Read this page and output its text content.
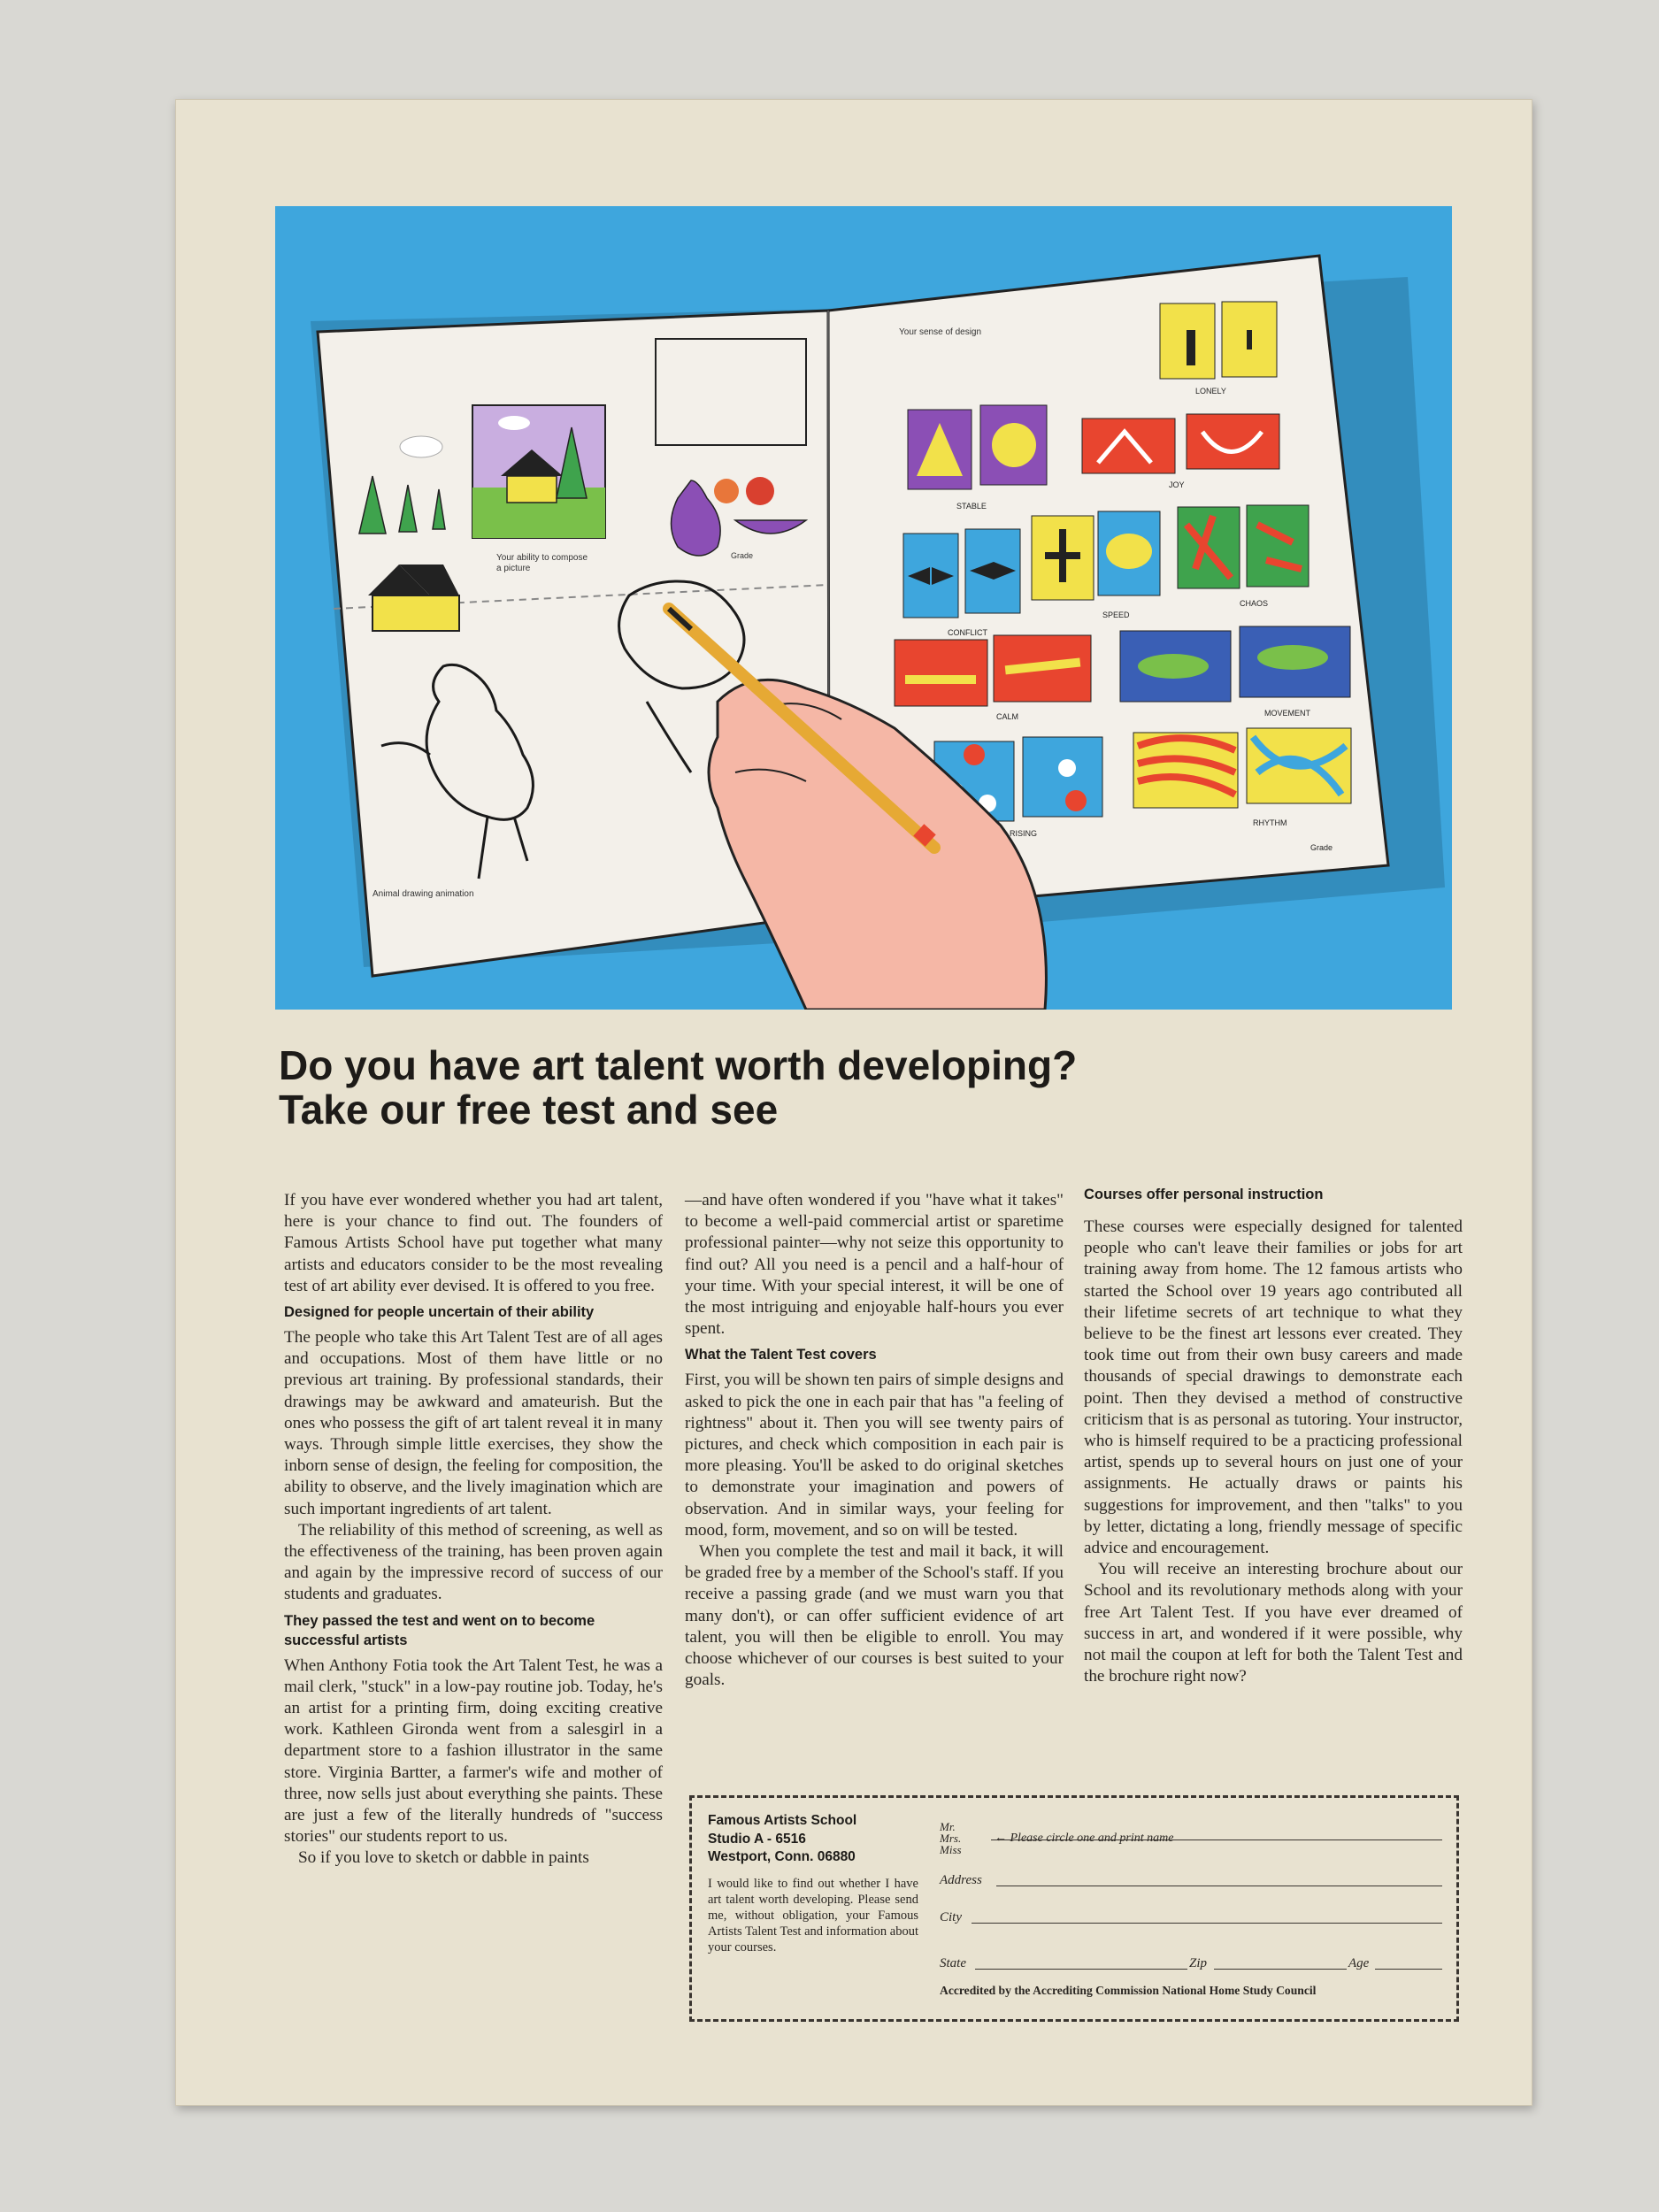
Your ability to compose
a picture
Grade
Animal drawing animation
Your sense of design
LONELY
STABLE
JOY
CONFLICT
SPEED
CHAOS
CALM	MOVEMENT
RISING
RHYTHM
Grade
Do you have art talent worth developing?
Take our free test and see

If you have ever wondered whether you had art talent, here is your chance to find out. The founders of Famous Artists School have put together what many artists and educators consider to be the most revealing test of art ability ever devised. It is offered to you free.

Designed for people uncertain of their ability

The people who take this Art Talent Test are of all ages and occupations. Most of them have little or no previous art training. By professional standards, their drawings may be awkward and amateurish. But the ones who possess the gift of art talent reveal it in many ways. Through simple little exercises, they show the inborn sense of design, the feeling for composition, the ability to observe, and the lively imagination which are such important ingredients of art talent.

The reliability of this method of screening, as well as the effectiveness of the training, has been proven again and again by the impressive record of success of our students and graduates.

They passed the test and went on to become successful artists

When Anthony Fotia took the Art Talent Test, he was a mail clerk, "stuck" in a low-pay routine job. Today, he's an artist for a printing firm, doing exciting creative work. Kathleen Gironda went from a salesgirl in a department store to a fashion illustrator in the same store. Virginia Bartter, a farmer's wife and mother of three, now sells just about everything she paints. These are just a few of the literally hundreds of "success stories" our students report to us.

So if you love to sketch or dabble in paints

—and have often wondered if you "have what it takes" to become a well-paid commercial artist or sparetime professional painter—why not seize this opportunity to find out? All you need is a pencil and a half-hour of your time. With your special interest, it will be one of the most intriguing and enjoyable half-hours you ever spent.

What the Talent Test covers

First, you will be shown ten pairs of simple designs and asked to pick the one in each pair that has "a feeling of rightness" about it. Then you will see twenty pairs of pictures, and check which composition in each pair is more pleasing. You'll be asked to do original sketches to demonstrate your imagination and powers of observation. And in similar ways, your feeling for mood, form, movement, and so on will be tested.

When you complete the test and mail it back, it will be graded free by a member of the School's staff. If you receive a passing grade (and we must warn you that many don't), or can offer sufficient evidence of art talent, you will then be eligible to enroll. You may choose whichever of our courses is best suited to your goals.

Courses offer personal instruction

These courses were especially designed for talented people who can't leave their families or jobs for art training away from home. The 12 famous artists who started the School over 19 years ago contributed all their lifetime secrets of art technique to what they believe to be the finest art lessons ever created. They took time out from their own busy careers and made thousands of special drawings to demonstrate each point. Then they devised a method of constructive criticism that is as personal as tutoring. Your instructor, who is himself required to be a practicing professional artist, spends up to several hours on just one of your assignments. He actually draws or paints his suggestions for improvement, and then "talks" to you by letter, dictating a long, friendly message of specific advice and encouragement.

You will receive an interesting brochure about our School and its revolutionary methods along with your free Art Talent Test. If you have ever dreamed of success in art, and wondered if it were possible, why not mail the coupon at left for both the Talent Test and the brochure right now?

Famous Artists School
Studio A - 6516
Westport, Conn. 06880
I would like to find out whether I have art talent worth developing. Please send me, without obligation, your Famous Artists Talent Test and information about your courses.
Mr.
Mrs.
Miss
← Please circle one and print name
Address
City
State	Zip	Age
Accredited by the Accrediting Commission National Home Study Council
